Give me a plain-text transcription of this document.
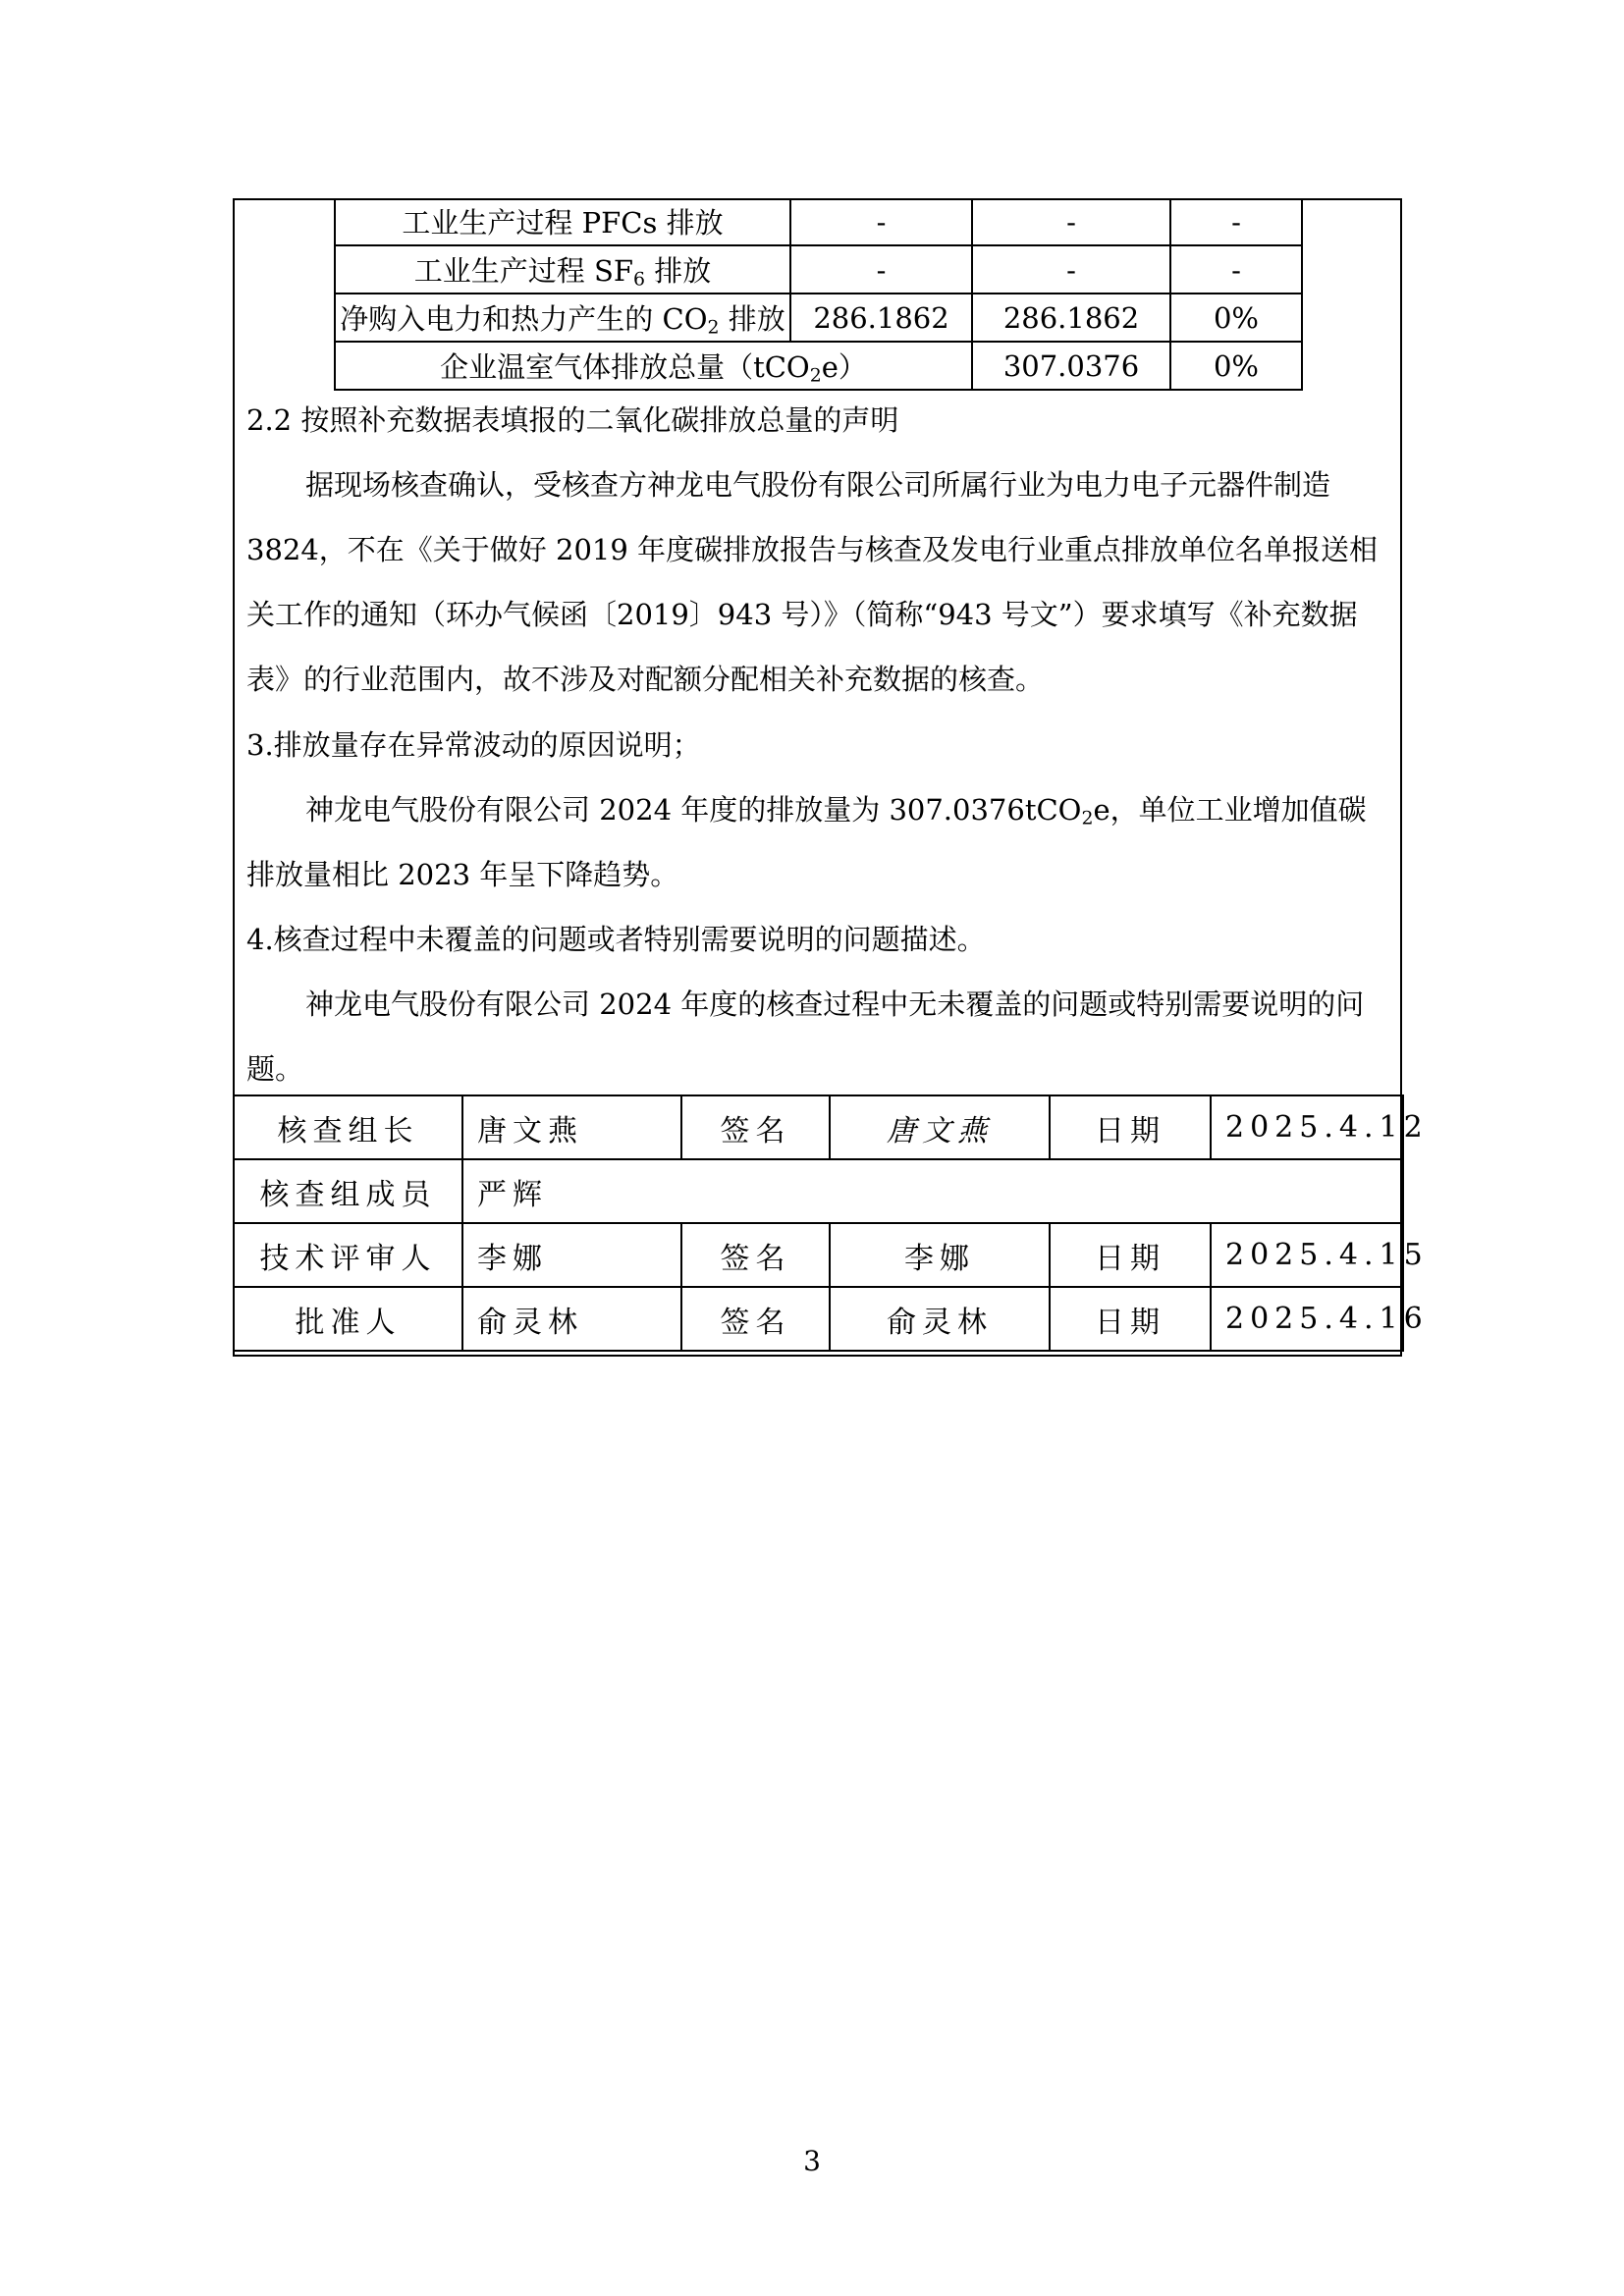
工业生产过程 PFCs 排放	-	-	-
工业生产过程 $SF_6$ 排放	-	-	-
净购入电力和热力产生的 $CO_2$ 排放	286.1862	286.1862	0%
企业温室气体排放总量（tCO$_2$e）		307.0376	0%
2.2 按照补充数据表填报的二氧化碳排放总量的声明
据现场核查确认，受核查方神龙电气股份有限公司所属行业为电力电子元器件制造 3824，不在《关于做好 2019 年度碳排放报告与核查及发电行业重点排放单位名单报送相关工作的通知（环办气候函〔2019〕943 号）》（简称“943 号文”）要求填写《补充数据表》的行业范围内，故不涉及对配额分配相关补充数据的核查。
3.排放量存在异常波动的原因说明；
神龙电气股份有限公司 2024 年度的排放量为 307.0376tCO$_2$e，单位工业增加值碳排放量相比 2023 年呈下降趋势。
4.核查过程中未覆盖的问题或者特别需要说明的问题描述。
神龙电气股份有限公司 2024 年度的核查过程中无未覆盖的问题或特别需要说明的问题。
核查组长	唐文燕	签名	唐文燕	日期	2025.4.12
核查组成员	严辉				
技术评审人	李娜	签名	李娜	日期	2025.4.15
批准人	俞灵林	签名	俞灵林	日期	2025.4.16
3
